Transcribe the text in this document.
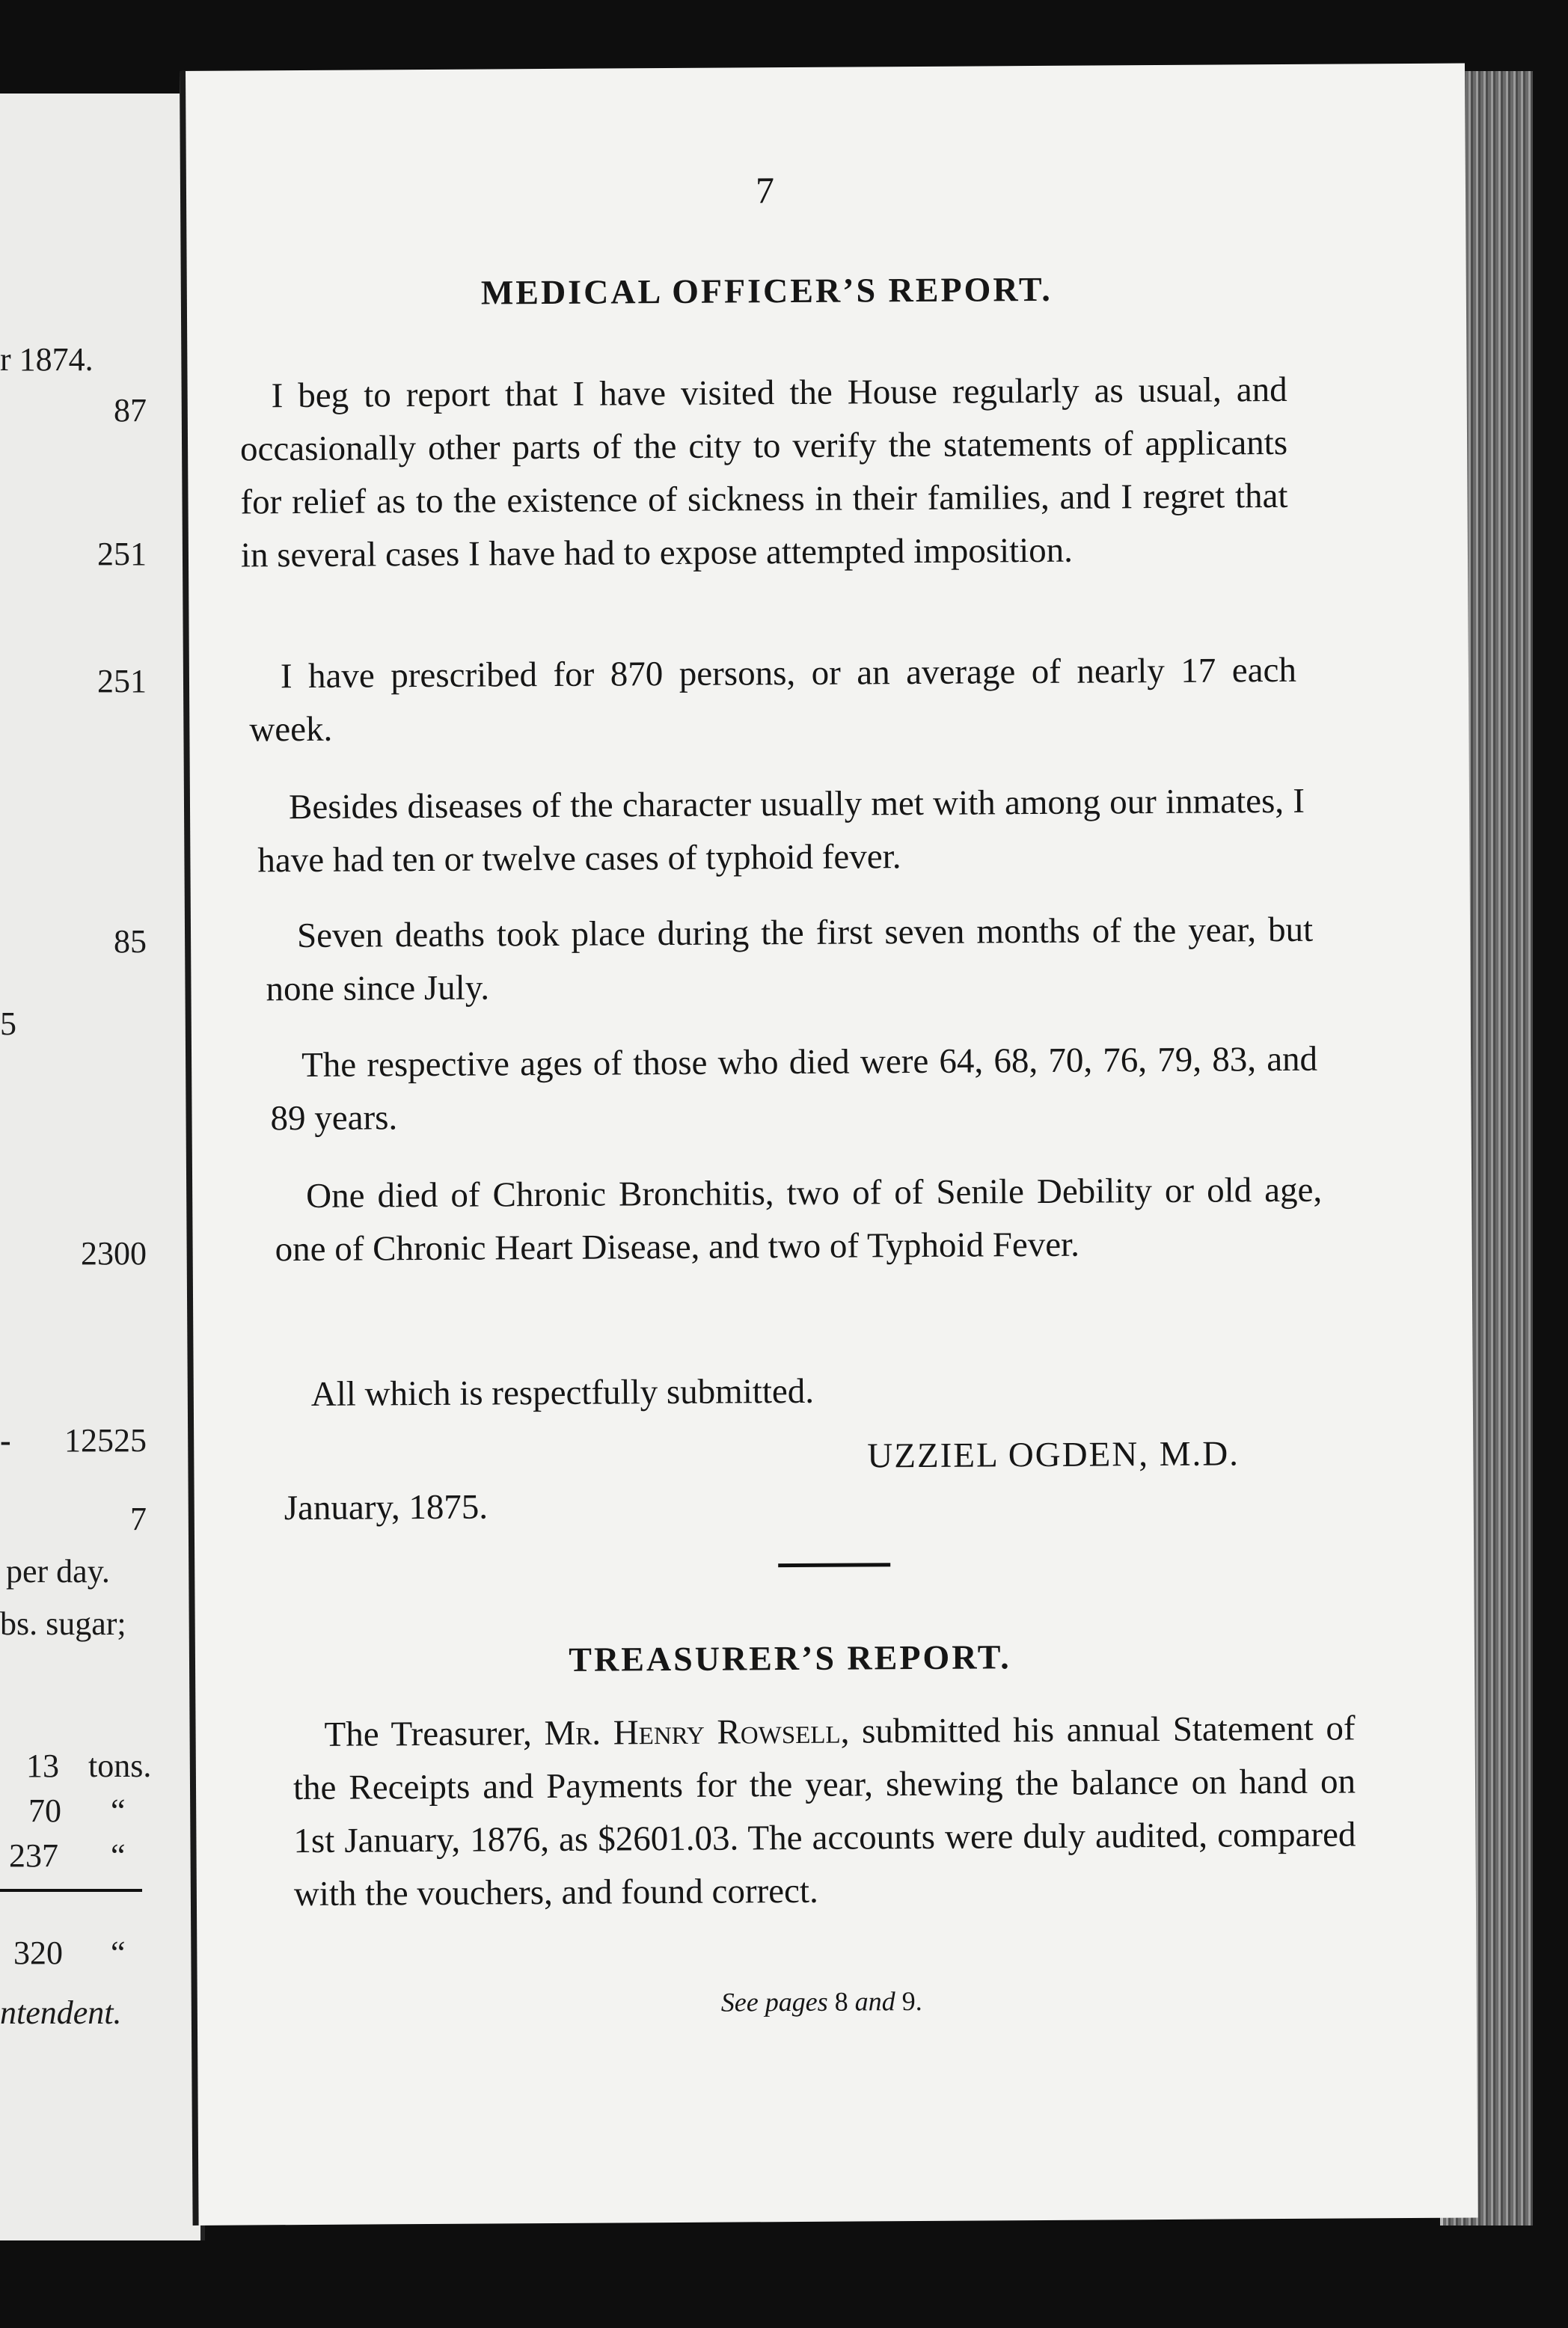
r 1874.
87
251
251
85
5
2300
-	12525
7
per day.
bs. sugar;
13 tons.
70 “
237 “
320 “
ntendent.
7
MEDICAL OFFICER’S REPORT.
I beg to report that I have visited the House regularly as usual, and occasionally other parts of the city to verify the statements of applicants for relief as to the existence of sickness in their families, and I regret that in several cases I have had to expose attempted imposition.
I have prescribed for 870 persons, or an average of nearly 17 each week.
Besides diseases of the character usually met with among our inmates, I have had ten or twelve cases of typhoid fever.
Seven deaths took place during the first seven months of the year, but none since July.
The respective ages of those who died were 64, 68, 70, 76, 79, 83, and 89 years.
One died of Chronic Bronchitis, two of of Senile Debility or old age, one of Chronic Heart Disease, and two of Typhoid Fever.
All which is respectfully submitted.
UZZIEL OGDEN, M.D.
January, 1875.
TREASURER’S REPORT.
The Treasurer, Mr. Henry Rowsell, submitted his annual Statement of the Receipts and Payments for the year, shewing the balance on hand on 1st January, 1876, as $2601.03. The accounts were duly audited, compared with the vouchers, and found correct.
See pages 8 and 9.
